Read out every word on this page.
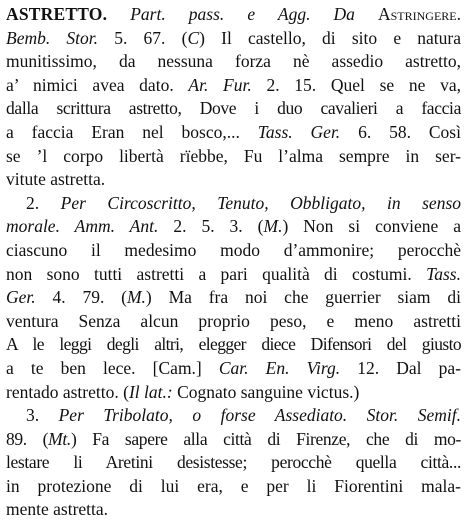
ASTRETTO. Part. pass. e Agg. Da Astringere.
Bemb. Stor. 5. 67. (C) Il castello, di sito e natura
munitissimo, da nessuna forza nè assedio astretto,
a’ nimici avea dato. Ar. Fur. 2. 15. Quel se ne va,
dalla scrittura astretto, Dove i duo cavalieri a faccia
a faccia Eran nel bosco,... Tass. Ger. 6. 58. Così
se ’l corpo libertà rïebbe, Fu l’alma sempre in ser-
vitute astretta.
2. Per Circoscritto, Tenuto, Obbligato, in senso
morale. Amm. Ant. 2. 5. 3. (M.) Non si conviene a
ciascuno il medesimo modo d’ammonire; perocchè
non sono tutti astretti a pari qualità di costumi. Tass.
Ger. 4. 79. (M.) Ma fra noi che guerrier siam di
ventura Senza alcun proprio peso, e meno astretti
A le leggi degli altri, elegger diece Difensori del giusto
a te ben lece. [Cam.] Car. En. Virg. 12. Dal pa-
rentado astretto. (Il lat.: Cognato sanguine victus.)
3. Per Tribolato, o forse Assediato. Stor. Semif.
89. (Mt.) Fa sapere alla città di Firenze, che di mo-
lestare li Aretini desistesse; perocchè quella città...
in protezione di lui era, e per li Fiorentini mala-
mente astretta.
